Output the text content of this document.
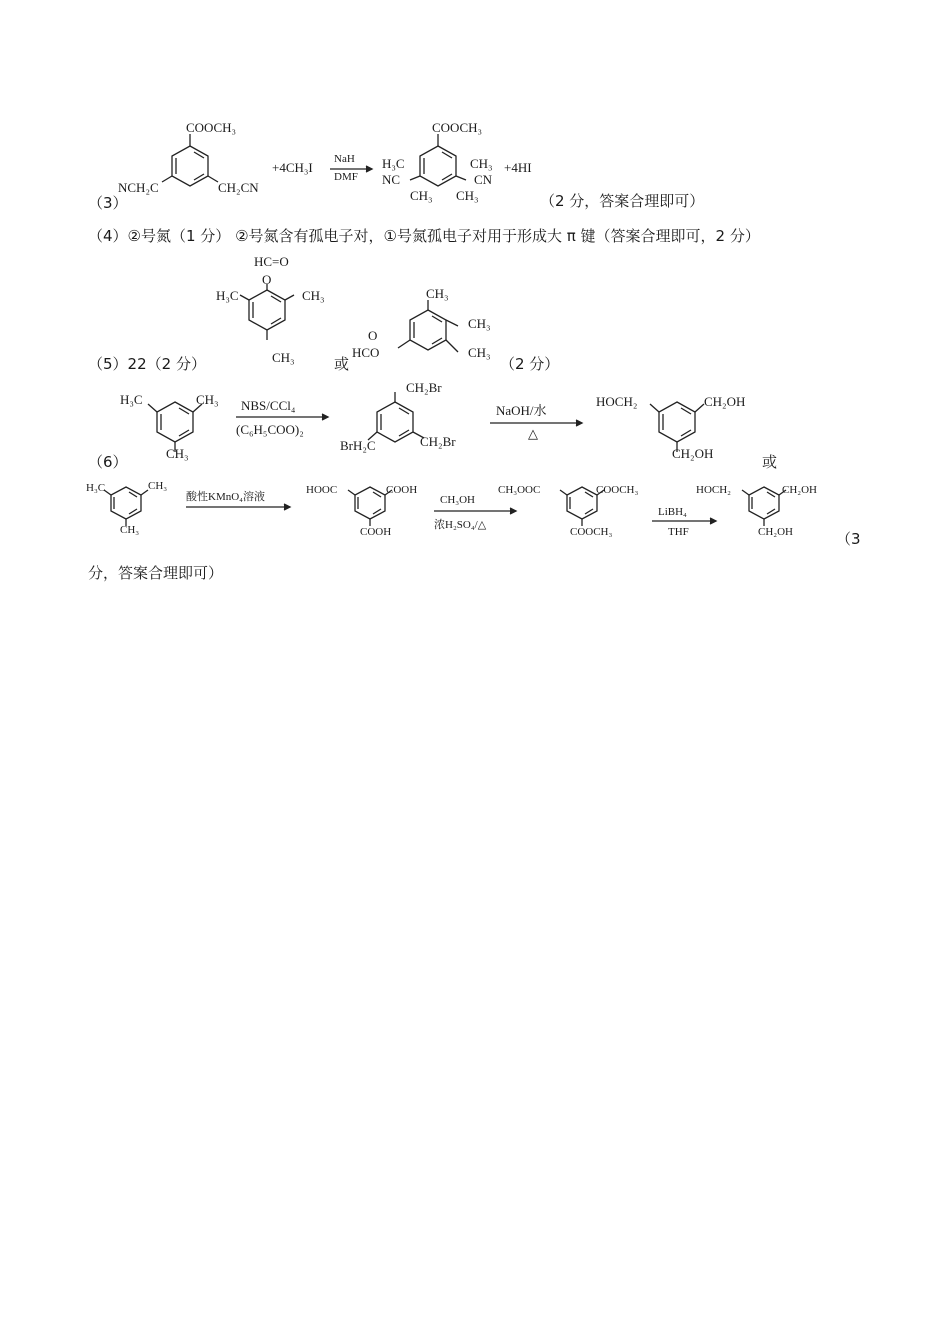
（3）
COOCH₃
NCH₂C	CH₂CN
+4CH₃I
NaH
DMF
COOCH₃
H₃C
NC
CH₃
CH₃
CN
CH₃
+4HI
（2 分，答案合理即可）
（4）②号氮（1 分） ②号氮含有孤电子对，①号氮孤电子对用于形成大 π 键（答案合理即可，2 分）
（5）22（2 分）
HC=O
O
H₃C	CH₃
CH₃	或
O
HCO
CH₃
CH₃
CH₃
（2 分）
（6）
H₃C	CH₃
CH₃
NBS/CCl₄
(C₆H₅COO)₂
CH₂Br
BrH₂C	CH₂Br
NaOH/水
△
HOCH₂	CH₂OH
CH₂OH	或
H₃C	CH₃
CH₃
酸性KMnO₄溶液
HOOC	COOH
COOH
CH₃OH
浓H₂SO₄/△
CH₃OOC	COOCH₃
COOCH₃
LiBH₄
THF
HOCH₂	CH₂OH
CH₂OH	（3
分，答案合理即可）
